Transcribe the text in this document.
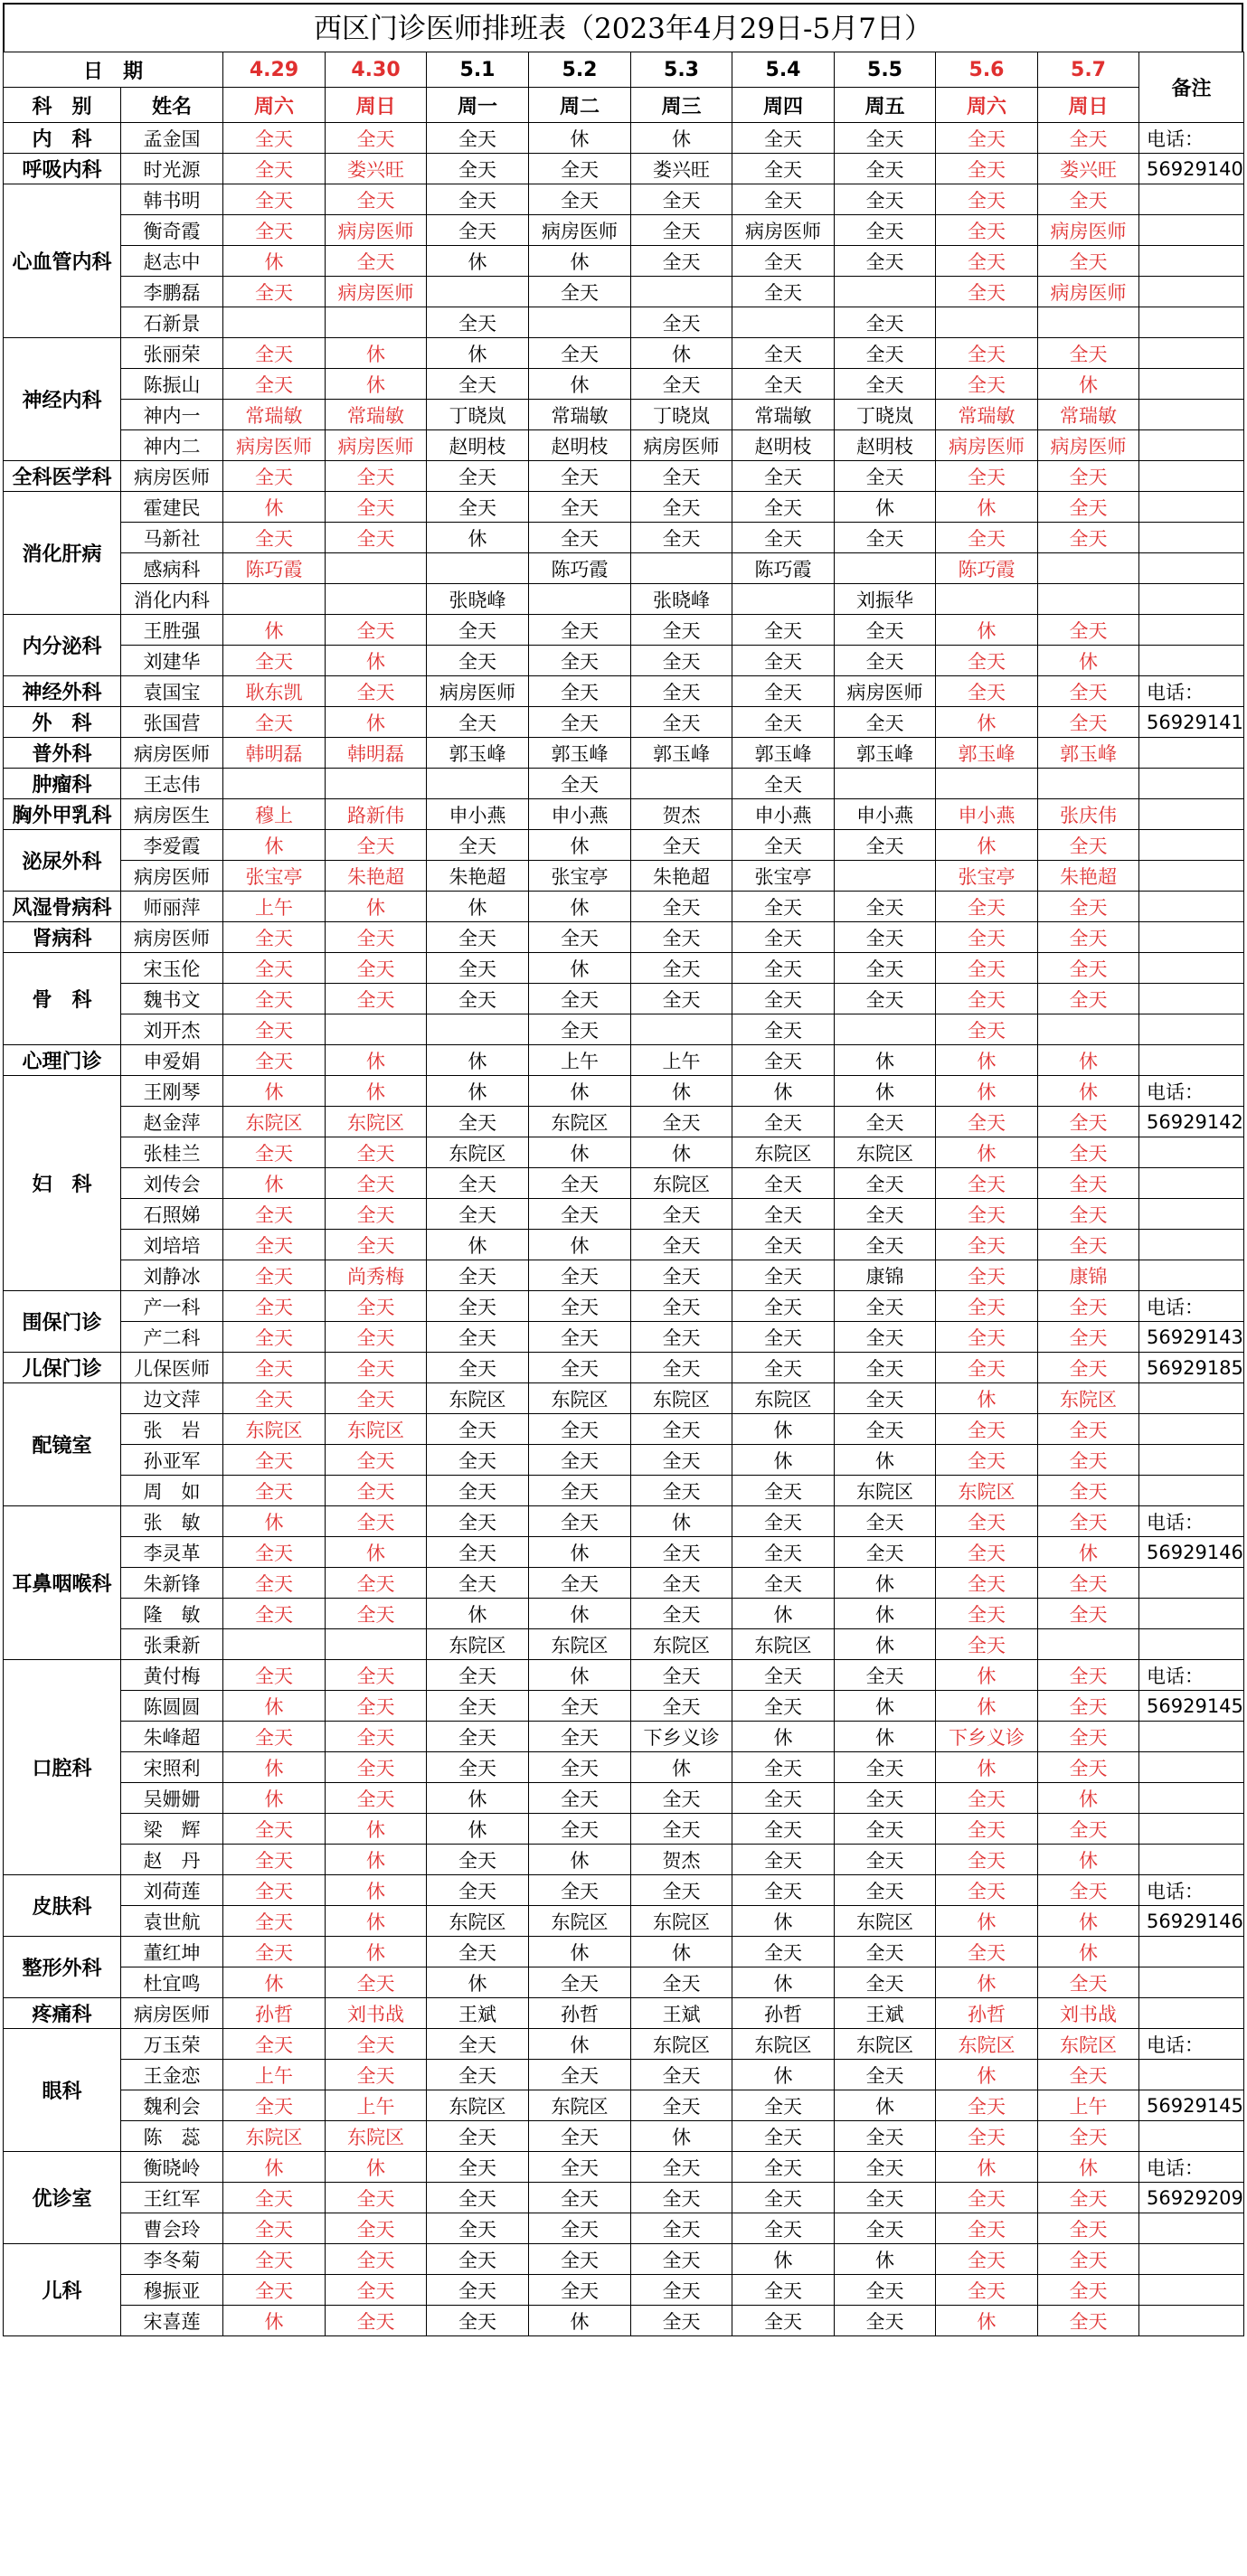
西区门诊医师排班表（2023年4月29日-5月7日）
日　期		4.29	4.30	5.1	5.2	5.3	5.4	5.5	5.6	5.7	备注
科　别	姓名	周六	周日	周一	周二	周三	周四	周五	周六	周日	
内　科	孟金国	全天	全天	全天	休	休	全天	全天	全天	全天	电话：
呼吸内科	时光源	全天	娄兴旺	全天	全天	娄兴旺	全天	全天	全天	娄兴旺	56929140
心血管内科	韩书明	全天	全天	全天	全天	全天	全天	全天	全天	全天	
	衡奇霞	全天	病房医师	全天	病房医师	全天	病房医师	全天	全天	病房医师	
	赵志中	休	全天	休	休	全天	全天	全天	全天	全天	
	李鹏磊	全天	病房医师		全天		全天		全天	病房医师	
	石新景			全天		全天		全天			
神经内科	张丽荣	全天	休	休	全天	休	全天	全天	全天	全天	
	陈振山	全天	休	全天	休	全天	全天	全天	全天	休	
	神内一	常瑞敏	常瑞敏	丁晓岚	常瑞敏	丁晓岚	常瑞敏	丁晓岚	常瑞敏	常瑞敏	
	神内二	病房医师	病房医师	赵明枝	赵明枝	病房医师	赵明枝	赵明枝	病房医师	病房医师	
全科医学科	病房医师	全天	全天	全天	全天	全天	全天	全天	全天	全天	
消化肝病	霍建民	休	全天	全天	全天	全天	全天	休	休	全天	
	马新社	全天	全天	休	全天	全天	全天	全天	全天	全天	
	感病科	陈巧霞			陈巧霞		陈巧霞		陈巧霞		
	消化内科			张晓峰		张晓峰		刘振华			
内分泌科	王胜强	休	全天	全天	全天	全天	全天	全天	休	全天	
	刘建华	全天	休	全天	全天	全天	全天	全天	全天	休	
神经外科	袁国宝	耿东凯	全天	病房医师	全天	全天	全天	病房医师	全天	全天	电话：
外　科	张国营	全天	休	全天	全天	全天	全天	全天	休	全天	56929141
普外科	病房医师	韩明磊	韩明磊	郭玉峰	郭玉峰	郭玉峰	郭玉峰	郭玉峰	郭玉峰	郭玉峰	
肿瘤科	王志伟				全天		全天				
胸外甲乳科	病房医生	穆上	路新伟	申小燕	申小燕	贺杰	申小燕	申小燕	申小燕	张庆伟	
泌尿外科	李爱霞	休	全天	全天	休	全天	全天	全天	休	全天	
	病房医师	张宝亭	朱艳超	朱艳超	张宝亭	朱艳超	张宝亭		张宝亭	朱艳超	
风湿骨病科	师丽萍	上午	休	休	休	全天	全天	全天	全天	全天	
肾病科	病房医师	全天	全天	全天	全天	全天	全天	全天	全天	全天	
骨　科	宋玉伦	全天	全天	全天	休	全天	全天	全天	全天	全天	
	魏书文	全天	全天	全天	全天	全天	全天	全天	全天	全天	
	刘开杰	全天			全天		全天		全天		
心理门诊	申爱娟	全天	休	休	上午	上午	全天	休	休	休	
妇　科	王刚琴	休	休	休	休	休	休	休	休	休	电话：
	赵金萍	东院区	东院区	全天	东院区	全天	全天	全天	全天	全天	56929142
	张桂兰	全天	全天	东院区	休	休	东院区	东院区	休	全天	
	刘传会	休	全天	全天	全天	东院区	全天	全天	全天	全天	
	石照娣	全天	全天	全天	全天	全天	全天	全天	全天	全天	
	刘培培	全天	全天	休	休	全天	全天	全天	全天	全天	
	刘静冰	全天	尚秀梅	全天	全天	全天	全天	康锦	全天	康锦	
围保门诊	产一科	全天	全天	全天	全天	全天	全天	全天	全天	全天	电话：
	产二科	全天	全天	全天	全天	全天	全天	全天	全天	全天	56929143
儿保门诊	儿保医师	全天	全天	全天	全天	全天	全天	全天	全天	全天	56929185
配镜室	边文萍	全天	全天	东院区	东院区	东院区	东院区	全天	休	东院区	
	张　岩	东院区	东院区	全天	全天	全天	休	全天	全天	全天	
	孙亚军	全天	全天	全天	全天	全天	休	休	全天	全天	
	周　如	全天	全天	全天	全天	全天	全天	东院区	东院区	全天	
耳鼻咽喉科	张　敏	休	全天	全天	全天	休	全天	全天	全天	全天	电话：
	李灵革	全天	休	全天	休	全天	全天	全天	全天	休	56929146
	朱新锋	全天	全天	全天	全天	全天	全天	休	全天	全天	
	隆　敏	全天	全天	休	休	全天	休	休	全天	全天	
	张秉新			东院区	东院区	东院区	东院区	休	全天		
口腔科	黄付梅	全天	全天	全天	休	全天	全天	全天	休	全天	电话：
	陈圆圆	休	全天	全天	全天	全天	全天	休	休	全天	56929145
	朱峰超	全天	全天	全天	全天	下乡义诊	休	休	下乡义诊	全天	
	宋照利	休	全天	全天	全天	休	全天	全天	休	全天	
	吴姗姗	休	全天	休	全天	全天	全天	全天	全天	休	
	梁　辉	全天	休	休	全天	全天	全天	全天	全天	全天	
	赵　丹	全天	休	全天	休	贺杰	全天	全天	全天	休	
皮肤科	刘荷莲	全天	休	全天	全天	全天	全天	全天	全天	全天	电话：
	袁世航	全天	休	东院区	东院区	东院区	休	东院区	休	休	56929146
整形外科	董红坤	全天	休	全天	休	休	全天	全天	全天	休	
	杜宜鸣	休	全天	休	全天	全天	休	全天	休	全天	
疼痛科	病房医师	孙哲	刘书战	王斌	孙哲	王斌	孙哲	王斌	孙哲	刘书战	
眼科	万玉荣	全天	全天	全天	休	东院区	东院区	东院区	东院区	东院区	电话：
	王金恋	上午	全天	全天	全天	全天	休	全天	休	全天	
	魏利会	全天	上午	东院区	东院区	全天	全天	休	全天	上午	56929145
	陈　蕊	东院区	东院区	全天	全天	休	全天	全天	全天	全天	
优诊室	衡晓岭	休	休	全天	全天	全天	全天	全天	休	休	电话：
	王红军	全天	全天	全天	全天	全天	全天	全天	全天	全天	56929209
	曹会玲	全天	全天	全天	全天	全天	全天	全天	全天	全天	
儿科	李冬菊	全天	全天	全天	全天	全天	休	休	全天	全天	
	穆振亚	全天	全天	全天	全天	全天	全天	全天	全天	全天	
	宋喜莲	休	全天	全天	休	全天	全天	全天	休	全天	
